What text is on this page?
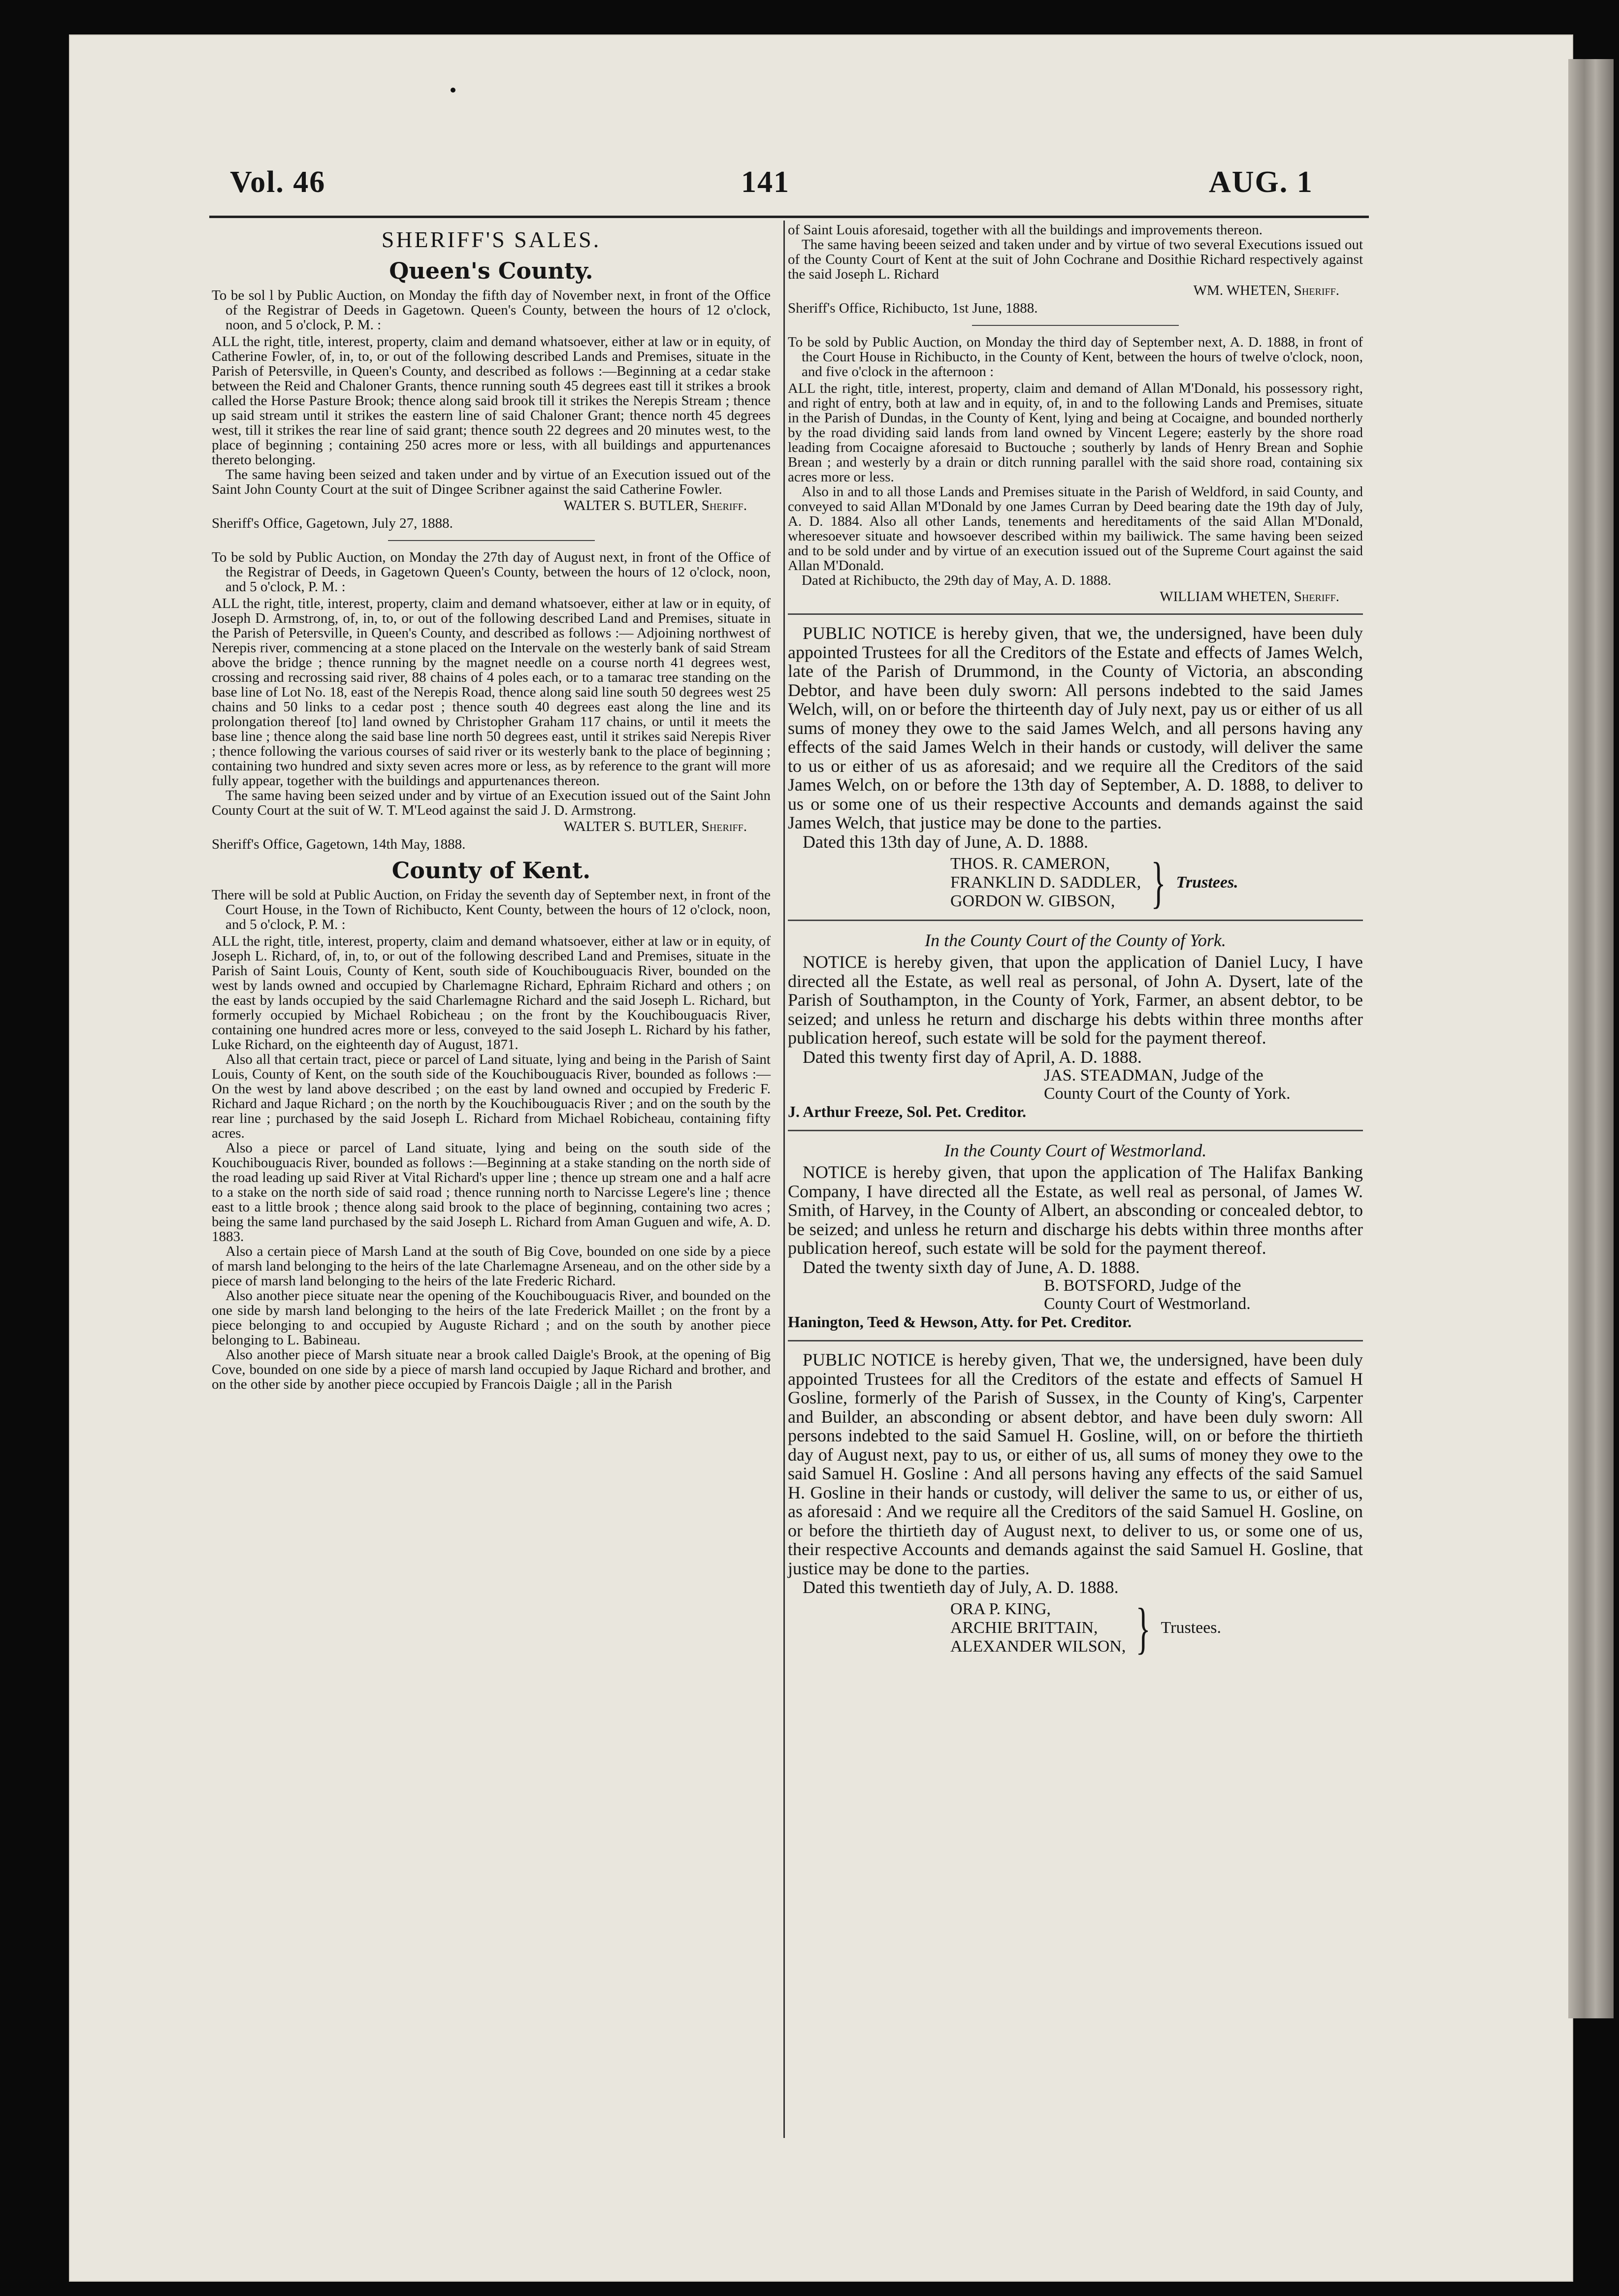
Vol. 46	141	AUG. 1
SHERIFF'S SALES.
Queen's County.

To be sol l by Public Auction, on Monday the fifth day of November next, in front of the Office of the Registrar of Deeds in Gagetown. Queen's County, between the hours of 12 o'clock, noon, and 5 o'clock, P. M. :

ALL the right, title, interest, property, claim and demand whatsoever, either at law or in equity, of Catherine Fowler, of, in, to, or out of the following described Lands and Premises, situate in the Parish of Petersville, in Queen's County, and described as follows :—Beginning at a cedar stake between the Reid and Chaloner Grants, thence running south 45 degrees east till it strikes a brook called the Horse Pasture Brook; thence along said brook till it strikes the Nerepis Stream ; thence up said stream until it strikes the eastern line of said Chaloner Grant; thence north 45 degrees west, till it strikes the rear line of said grant; thence south 22 degrees and 20 minutes west, to the place of beginning ; containing 250 acres more or less, with all buildings and appurtenances thereto belonging.

The same having been seized and taken under and by virtue of an Execution issued out of the Saint John County Court at the suit of Dingee Scribner against the said Catherine Fowler.

WALTER S. BUTLER, Sheriff.

Sheriff's Office, Gagetown, July 27, 1888.

To be sold by Public Auction, on Monday the 27th day of August next, in front of the Office of the Registrar of Deeds, in Gagetown Queen's County, between the hours of 12 o'clock, noon, and 5 o'clock, P. M. :

ALL the right, title, interest, property, claim and demand whatsoever, either at law or in equity, of Joseph D. Armstrong, of, in, to, or out of the following described Land and Premises, situate in the Parish of Petersville, in Queen's County, and described as follows :— Adjoining northwest of Nerepis river, commencing at a stone placed on the Intervale on the westerly bank of said Stream above the bridge ; thence running by the magnet needle on a course north 41 degrees west, crossing and recrossing said river, 88 chains of 4 poles each, or to a tamarac tree standing on the base line of Lot No. 18, east of the Nerepis Road, thence along said line south 50 degrees west 25 chains and 50 links to a cedar post ; thence south 40 degrees east along the line and its prolongation thereof [to] land owned by Christopher Graham 117 chains, or until it meets the base line ; thence along the said base line north 50 degrees east, until it strikes said Nerepis River ; thence following the various courses of said river or its westerly bank to the place of beginning ; containing two hundred and sixty seven acres more or less, as by reference to the grant will more fully appear, together with the buildings and appurtenances thereon.

The same having been seized under and by virtue of an Execution issued out of the Saint John County Court at the suit of W. T. M'Leod against the said J. D. Armstrong.

WALTER S. BUTLER, Sheriff.

Sheriff's Office, Gagetown, 14th May, 1888.

County of Kent.

There will be sold at Public Auction, on Friday the seventh day of September next, in front of the Court House, in the Town of Richibucto, Kent County, between the hours of 12 o'clock, noon, and 5 o'clock, P. M. :

ALL the right, title, interest, property, claim and demand whatsoever, either at law or in equity, of Joseph L. Richard, of, in, to, or out of the following described Land and Premises, situate in the Parish of Saint Louis, County of Kent, south side of Kouchibouguacis River, bounded on the west by lands owned and occupied by Charlemagne Richard, Ephraim Richard and others ; on the east by lands occupied by the said Charlemagne Richard and the said Joseph L. Richard, but formerly occupied by Michael Robicheau ; on the front by the Kouchibouguacis River, containing one hundred acres more or less, conveyed to the said Joseph L. Richard by his father, Luke Richard, on the eighteenth day of August, 1871.

Also all that certain tract, piece or parcel of Land situate, lying and being in the Parish of Saint Louis, County of Kent, on the south side of the Kouchibouguacis River, bounded as follows :—On the west by land above described ; on the east by land owned and occupied by Frederic F. Richard and Jaque Richard ; on the north by the Kouchibouguacis River ; and on the south by the rear line ; purchased by the said Joseph L. Richard from Michael Robicheau, containing fifty acres.

Also a piece or parcel of Land situate, lying and being on the south side of the Kouchibouguacis River, bounded as follows :—Beginning at a stake standing on the north side of the road leading up said River at Vital Richard's upper line ; thence up stream one and a half acre to a stake on the north side of said road ; thence running north to Narcisse Legere's line ; thence east to a little brook ; thence along said brook to the place of beginning, containing two acres ; being the same land purchased by the said Joseph L. Richard from Aman Guguen and wife, A. D. 1883.

Also a certain piece of Marsh Land at the south of Big Cove, bounded on one side by a piece of marsh land belonging to the heirs of the late Charlemagne Arseneau, and on the other side by a piece of marsh land belonging to the heirs of the late Frederic Richard.

Also another piece situate near the opening of the Kouchibouguacis River, and bounded on the one side by marsh land belonging to the heirs of the late Frederick Maillet ; on the front by a piece belonging to and occupied by Auguste Richard ; and on the south by another piece belonging to L. Babineau.

Also another piece of Marsh situate near a brook called Daigle's Brook, at the opening of Big Cove, bounded on one side by a piece of marsh land occupied by Jaque Richard and brother, and on the other side by another piece occupied by Francois Daigle ; all in the Parish

of Saint Louis aforesaid, together with all the buildings and improvements thereon.

The same having beeen seized and taken under and by virtue of two several Executions issued out of the County Court of Kent at the suit of John Cochrane and Dosithie Richard respectively against the said Joseph L. Richard

WM. WHETEN, Sheriff.

Sheriff's Office, Richibucto, 1st June, 1888.

To be sold by Public Auction, on Monday the third day of September next, A. D. 1888, in front of the Court House in Richibucto, in the County of Kent, between the hours of twelve o'clock, noon, and five o'clock in the afternoon :

ALL the right, title, interest, property, claim and demand of Allan M'Donald, his possessory right, and right of entry, both at law and in equity, of, in and to the following Lands and Premises, situate in the Parish of Dundas, in the County of Kent, lying and being at Cocaigne, and bounded northerly by the road dividing said lands from land owned by Vincent Legere; easterly by the shore road leading from Cocaigne aforesaid to Buctouche ; southerly by lands of Henry Brean and Sophie Brean ; and westerly by a drain or ditch running parallel with the said shore road, containing six acres more or less.

Also in and to all those Lands and Premises situate in the Parish of Weldford, in said County, and conveyed to said Allan M'Donald by one James Curran by Deed bearing date the 19th day of July, A. D. 1884. Also all other Lands, tenements and hereditaments of the said Allan M'Donald, wheresoever situate and howsoever described within my bailiwick. The same having been seized and to be sold under and by virtue of an execution issued out of the Supreme Court against the said Allan M'Donald.

Dated at Richibucto, the 29th day of May, A. D. 1888.

WILLIAM WHETEN, Sheriff.

PUBLIC NOTICE is hereby given, that we, the undersigned, have been duly appointed Trustees for all the Creditors of the Estate and effects of James Welch, late of the Parish of Drummond, in the County of Victoria, an absconding Debtor, and have been duly sworn: All persons indebted to the said James Welch, will, on or before the thirteenth day of July next, pay us or either of us all sums of money they owe to the said James Welch, and all persons having any effects of the said James Welch in their hands or custody, will deliver the same to us or either of us as aforesaid; and we require all the Creditors of the said James Welch, on or before the 13th day of September, A. D. 1888, to deliver to us or some one of us their respective Accounts and demands against the said James Welch, that justice may be done to the parties.

Dated this 13th day of June, A. D. 1888.

THOS. R. CAMERON,
FRANKLIN D. SADDLER,
GORDON W. GIBSON, } Trustees.
In the County Court of the County of York.

NOTICE is hereby given, that upon the application of Daniel Lucy, I have directed all the Estate, as well real as personal, of John A. Dysert, late of the Parish of Southampton, in the County of York, Farmer, an absent debtor, to be seized; and unless he return and discharge his debts within three months after publication hereof, such estate will be sold for the payment thereof.

Dated this twenty first day of April, A. D. 1888.

JAS. STEADMAN, Judge of the
County Court of the County of York.
J. Arthur Freeze, Sol. Pet. Creditor.
In the County Court of Westmorland.

NOTICE is hereby given, that upon the application of The Halifax Banking Company, I have directed all the Estate, as well real as personal, of James W. Smith, of Harvey, in the County of Albert, an absconding or concealed debtor, to be seized; and unless he return and discharge his debts within three months after publication hereof, such estate will be sold for the payment thereof.

Dated the twenty sixth day of June, A. D. 1888.

B. BOTSFORD, Judge of the
County Court of Westmorland.
Hanington, Teed & Hewson, Atty. for Pet. Creditor.

PUBLIC NOTICE is hereby given, That we, the undersigned, have been duly appointed Trustees for all the Creditors of the estate and effects of Samuel H Gosline, formerly of the Parish of Sussex, in the County of King's, Carpenter and Builder, an absconding or absent debtor, and have been duly sworn: All persons indebted to the said Samuel H. Gosline, will, on or before the thirtieth day of August next, pay to us, or either of us, all sums of money they owe to the said Samuel H. Gosline : And all persons having any effects of the said Samuel H. Gosline in their hands or custody, will deliver the same to us, or either of us, as aforesaid : And we require all the Creditors of the said Samuel H. Gosline, on or before the thirtieth day of August next, to deliver to us, or some one of us, their respective Accounts and demands against the said Samuel H. Gosline, that justice may be done to the parties.

Dated this twentieth day of July, A. D. 1888.

ORA P. KING,
ARCHIE BRITTAIN,
ALEXANDER WILSON, } Trustees.
